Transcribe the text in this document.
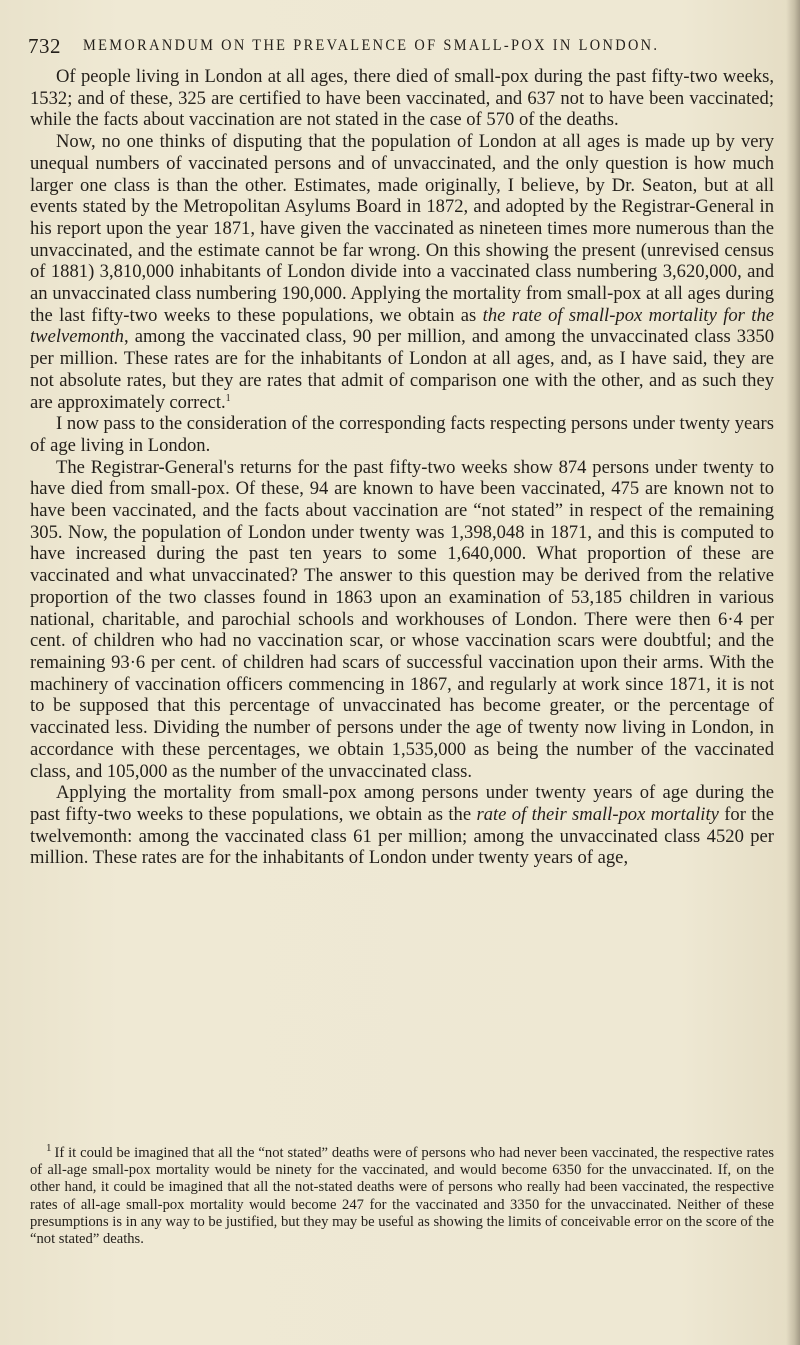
732 MEMORANDUM ON THE PREVALENCE OF SMALL-POX IN LONDON.

Of people living in London at all ages, there died of small-pox during the past fifty-two weeks, 1532; and of these, 325 are certified to have been vaccinated, and 637 not to have been vaccinated; while the facts about vaccination are not stated in the case of 570 of the deaths.

Now, no one thinks of disputing that the population of London at all ages is made up by very unequal numbers of vaccinated persons and of unvaccinated, and the only question is how much larger one class is than the other. Estimates, made originally, I believe, by Dr. Seaton, but at all events stated by the Metropolitan Asylums Board in 1872, and adopted by the Registrar-General in his report upon the year 1871, have given the vaccinated as nineteen times more numerous than the unvaccinated, and the estimate cannot be far wrong. On this showing the present (unrevised census of 1881) 3,810,000 inhabitants of London divide into a vaccinated class numbering 3,620,000, and an unvaccinated class numbering 190,000. Applying the mortality from small-pox at all ages during the last fifty-two weeks to these populations, we obtain as the rate of small-pox mortality for the twelvemonth, among the vaccinated class, 90 per million, and among the unvaccinated class 3350 per million. These rates are for the inhabitants of London at all ages, and, as I have said, they are not absolute rates, but they are rates that admit of comparison one with the other, and as such they are approximately correct.$^1$

I now pass to the consideration of the corresponding facts respecting persons under twenty years of age living in London.

The Registrar-General's returns for the past fifty-two weeks show 874 persons under twenty to have died from small-pox. Of these, 94 are known to have been vaccinated, 475 are known not to have been vaccinated, and the facts about vaccination are “not stated” in respect of the remaining 305. Now, the population of London under twenty was 1,398,048 in 1871, and this is computed to have increased during the past ten years to some 1,640,000. What proportion of these are vaccinated and what unvaccinated? The answer to this question may be derived from the relative proportion of the two classes found in 1863 upon an examination of 53,185 children in various national, charitable, and parochial schools and workhouses of London. There were then 6·4 per cent. of children who had no vaccination scar, or whose vaccination scars were doubtful; and the remaining 93·6 per cent. of children had scars of successful vaccination upon their arms. With the machinery of vaccination officers commencing in 1867, and regularly at work since 1871, it is not to be supposed that this percentage of unvaccinated has become greater, or the percentage of vaccinated less. Dividing the number of persons under the age of twenty now living in London, in accordance with these percentages, we obtain 1,535,000 as being the number of the vaccinated class, and 105,000 as the number of the unvaccinated class.

Applying the mortality from small-pox among persons under twenty years of age during the past fifty-two weeks to these populations, we obtain as the rate of their small-pox mortality for the twelvemonth: among the vaccinated class 61 per million; among the unvaccinated class 4520 per million. These rates are for the inhabitants of London under twenty years of age,

$^1$ If it could be imagined that all the “not stated” deaths were of persons who had never been vaccinated, the respective rates of all-age small-pox mortality would be ninety for the vaccinated, and would become 6350 for the unvaccinated. If, on the other hand, it could be imagined that all the not-stated deaths were of persons who really had been vaccinated, the respective rates of all-age small-pox mortality would become 247 for the vaccinated and 3350 for the unvaccinated. Neither of these presumptions is in any way to be justified, but they may be useful as showing the limits of conceivable error on the score of the “not stated” deaths.
